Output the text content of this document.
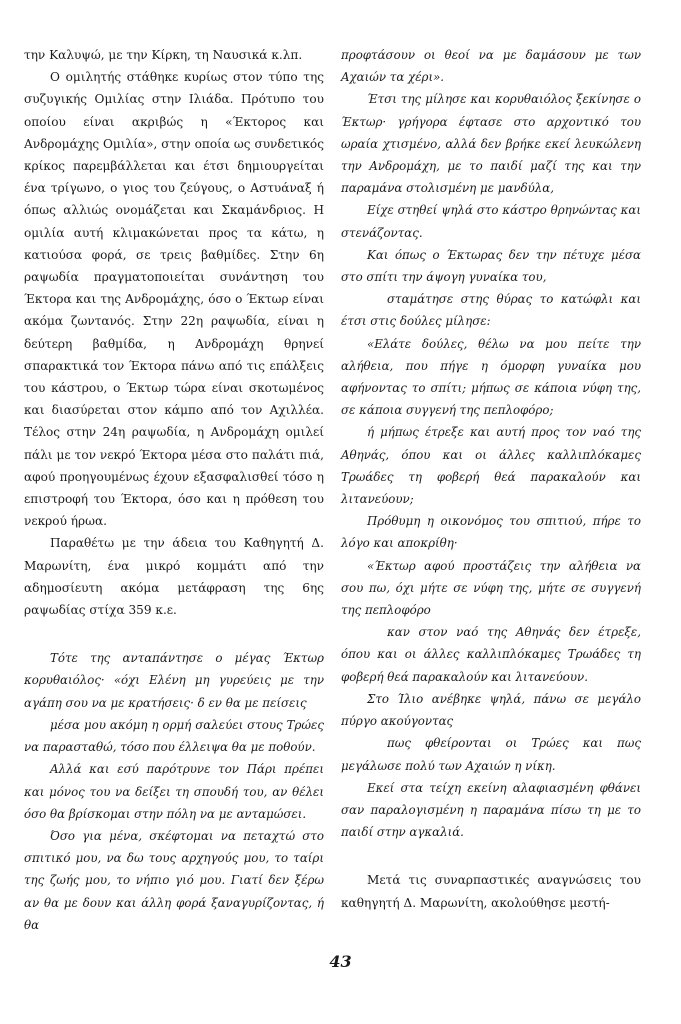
την Καλυψώ, με την Κίρκη, τη Ναυσικά κ.λπ.

Ο ομιλητής στάθηκε κυρίως στον τύπο της συζυγικής Ομιλίας στην Ιλιάδα. Πρότυπο του οποίου είναι ακριβώς η «Έκτορος και Ανδρομάχης Ομιλία», στην οποία ως συνδετικός κρίκος παρεμβάλλεται και έτσι δημιουργείται ένα τρίγωνο, ο γιος του ζεύγους, ο Αστυάναξ ή όπως αλλιώς ονομάζεται και Σκαμάνδριος. Η ομιλία αυτή κλιμακώνεται προς τα κάτω, η κατιούσα φορά, σε τρεις βαθμίδες. Στην 6η ραψωδία πραγματοποιείται συνάντηση του Έκτορα και της Ανδρομάχης, όσο ο Έκτωρ είναι ακόμα ζωντανός. Στην 22η ραψωδία, είναι η δεύτερη βαθμίδα, η Ανδρομάχη θρηνεί σπαρακτικά τον Έκτορα πάνω από τις επάλξεις του κάστρου, ο Έκτωρ τώρα είναι σκοτωμένος και διασύρεται στον κάμπο από τον Αχιλλέα. Τέλος στην 24η ραψωδία, η Ανδρομάχη ομιλεί πάλι με τον νεκρό Έκτορα μέσα στο παλάτι πιά, αφού προηγουμένως έχουν εξασφαλισθεί τόσο η επιστροφή του Έκτορα, όσο και η πρόθεση του νεκρού ήρωα.

Παραθέτω με την άδεια του Καθηγητή Δ. Μαρωνίτη, ένα μικρό κομμάτι από την αδημοσίευτη ακόμα μετάφραση της 6ης ραψωδίας στίχα 359 κ.ε.

Τότε της ανταπάντησε ο μέγας Έκτωρ κορυθαιόλος· «όχι Ελένη μη γυρεύεις με την αγάπη σου να με κρατήσεις· δ εν θα με πείσεις

μέσα μου ακόμη η ορμή σαλεύει στους Τρώες να παρασταθώ, τόσο που έλλειψα θα με ποθούν.

Αλλά και εσύ παρότρυνε τον Πάρι πρέπει και μόνος του να δείξει τη σπουδή του, αν θέλει όσο θα βρίσκομαι στην πόλη να με ανταμώσει.

Όσο για μένα, σκέφτομαι να πεταχτώ στο σπιτικό μου, να δω τους αρχηγούς μου, το ταίρι της ζωής μου, το νήπιο γιό μου. Γιατί δεν ξέρω αν θα με δουν και άλλη φορά ξαναγυρίζοντας, ή θα

προφτάσουν οι θεοί να με δαμάσουν με των Αχαιών τα χέρι».

Έτσι της μίλησε και κορυθαιόλος ξεκίνησε ο Έκτωρ· γρήγορα έφτασε στο αρχοντικό του ωραία χτισμένο, αλλά δεν βρήκε εκεί λευκώλενη την Ανδρομάχη, με το παιδί μαζί της και την παραμάνα στολισμένη με μανδύλα,

Είχε στηθεί ψηλά στο κάστρο θρηνώντας και στενάζοντας.

Και όπως ο Έκτωρας δεν την πέτυχε μέσα στο σπίτι την άψογη γυναίκα του,

σταμάτησε στης θύρας το κατώφλι και έτσι στις δούλες μίλησε:

«Ελάτε δούλες, θέλω να μου πείτε την αλήθεια, που πήγε η όμορφη γυναίκα μου αφήνοντας το σπίτι; μήπως σε κάποια νύφη της, σε κάποια συγγενή της πεπλοφόρο;

ή μήπως έτρεξε και αυτή προς τον ναό της Αθηνάς, όπου και οι άλλες καλλιπλόκαμες Τρωάδες τη φοβερή θεά παρακαλούν και λιτανεύουν;

Πρόθυμη η οικονόμος του σπιτιού, πήρε το λόγο και αποκρίθη·

«Έκτωρ αφού προστάζεις την αλήθεια να σου πω, όχι μήτε σε νύφη της, μήτε σε συγγενή της πεπλοφόρο

καν στον ναό της Αθηνάς δεν έτρεξε, όπου και οι άλλες καλλιπλόκαμες Τρωάδες τη φοβερή θεά παρακαλούν και λιτανεύουν.

Στο Ίλιο ανέβηκε ψηλά, πάνω σε μεγάλο πύργο ακούγοντας

πως φθείρονται οι Τρώες και πως μεγάλωσε πολύ των Αχαιών η νίκη.

Εκεί στα τείχη εκείνη αλαφιασμένη φθάνει σαν παραλογισμένη η παραμάνα πίσω τη με το παιδί στην αγκαλιά.

Μετά τις συναρπαστικές αναγνώσεις του καθηγητή Δ. Μαρωνίτη, ακολούθησε μεστή-

43
